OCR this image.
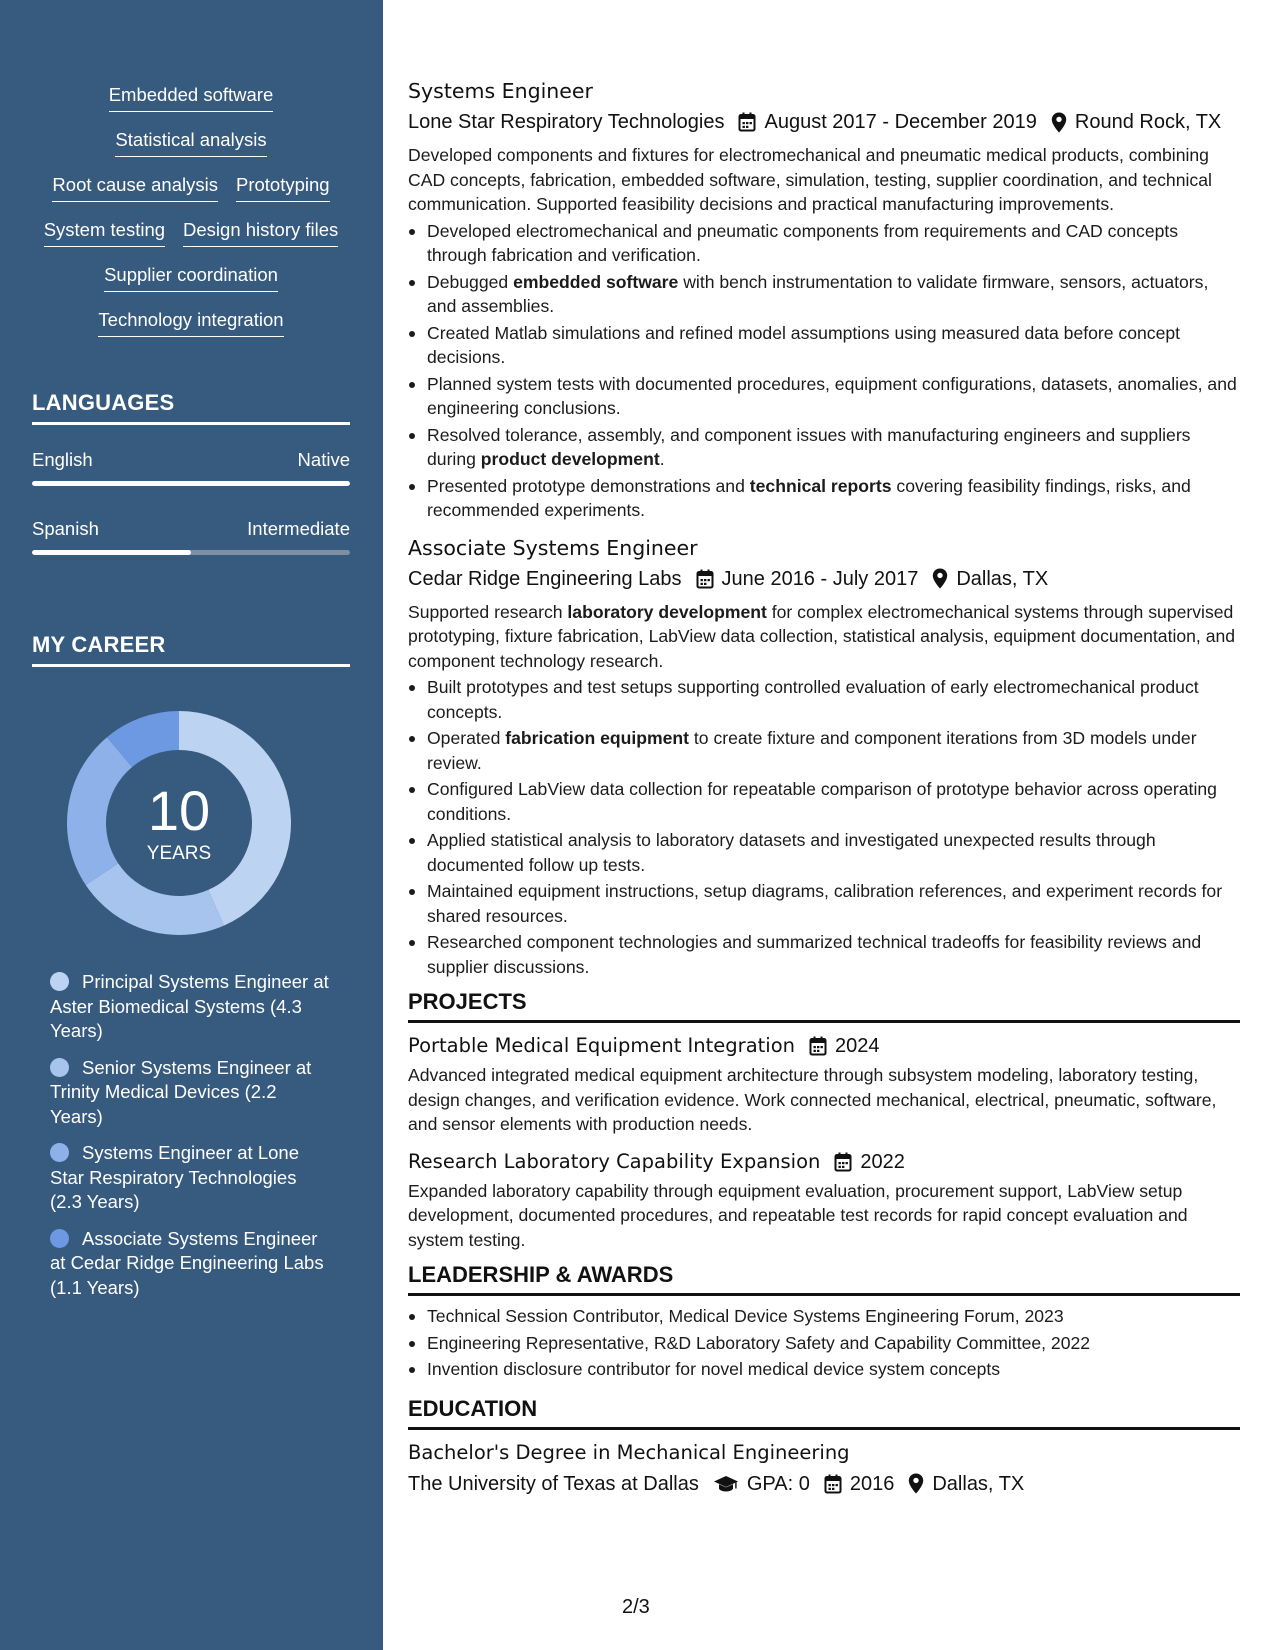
Embedded software
Statistical analysis
Root cause analysis Prototyping
System testing Design history files
Supplier coordination
Technology integration
LANGUAGES
English	Native
Spanish	Intermediate
MY CAREER
10
YEARS
Principal Systems Engineer at Aster Biomedical Systems (4.3 Years)
Senior Systems Engineer at Trinity Medical Devices (2.2 Years)
Systems Engineer at Lone Star Respiratory Technologies (2.3 Years)
Associate Systems Engineer at Cedar Ridge Engineering Labs (1.1 Years)
Systems Engineer
Lone Star Respiratory Technologies August 2017 - December 2019 Round Rock, TX
Developed components and fixtures for electromechanical and pneumatic medical products, combining CAD concepts, fabrication, embedded software, simulation, testing, supplier coordination, and technical communication. Supported feasibility decisions and practical manufacturing improvements.
Developed electromechanical and pneumatic components from requirements and CAD concepts through fabrication and verification.
Debugged embedded software with bench instrumentation to validate firmware, sensors, actuators, and assemblies.
Created Matlab simulations and refined model assumptions using measured data before concept decisions.
Planned system tests with documented procedures, equipment configurations, datasets, anomalies, and engineering conclusions.
Resolved tolerance, assembly, and component issues with manufacturing engineers and suppliers during product development.
Presented prototype demonstrations and technical reports covering feasibility findings, risks, and recommended experiments.
Associate Systems Engineer
Cedar Ridge Engineering Labs June 2016 - July 2017 Dallas, TX
Supported research laboratory development for complex electromechanical systems through supervised prototyping, fixture fabrication, LabView data collection, statistical analysis, equipment documentation, and component technology research.
Built prototypes and test setups supporting controlled evaluation of early electromechanical product concepts.
Operated fabrication equipment to create fixture and component iterations from 3D models under review.
Configured LabView data collection for repeatable comparison of prototype behavior across operating conditions.
Applied statistical analysis to laboratory datasets and investigated unexpected results through documented follow up tests.
Maintained equipment instructions, setup diagrams, calibration references, and experiment records for shared resources.
Researched component technologies and summarized technical tradeoffs for feasibility reviews and supplier discussions.
PROJECTS
Portable Medical Equipment Integration 2024
Advanced integrated medical equipment architecture through subsystem modeling, laboratory testing, design changes, and verification evidence. Work connected mechanical, electrical, pneumatic, software, and sensor elements with production needs.
Research Laboratory Capability Expansion 2022
Expanded laboratory capability through equipment evaluation, procurement support, LabView setup development, documented procedures, and repeatable test records for rapid concept evaluation and system testing.
LEADERSHIP & AWARDS
Technical Session Contributor, Medical Device Systems Engineering Forum, 2023
Engineering Representative, R&D Laboratory Safety and Capability Committee, 2022
Invention disclosure contributor for novel medical device system concepts
EDUCATION
Bachelor's Degree in Mechanical Engineering
The University of Texas at Dallas GPA: 0 2016 Dallas, TX
2/3
